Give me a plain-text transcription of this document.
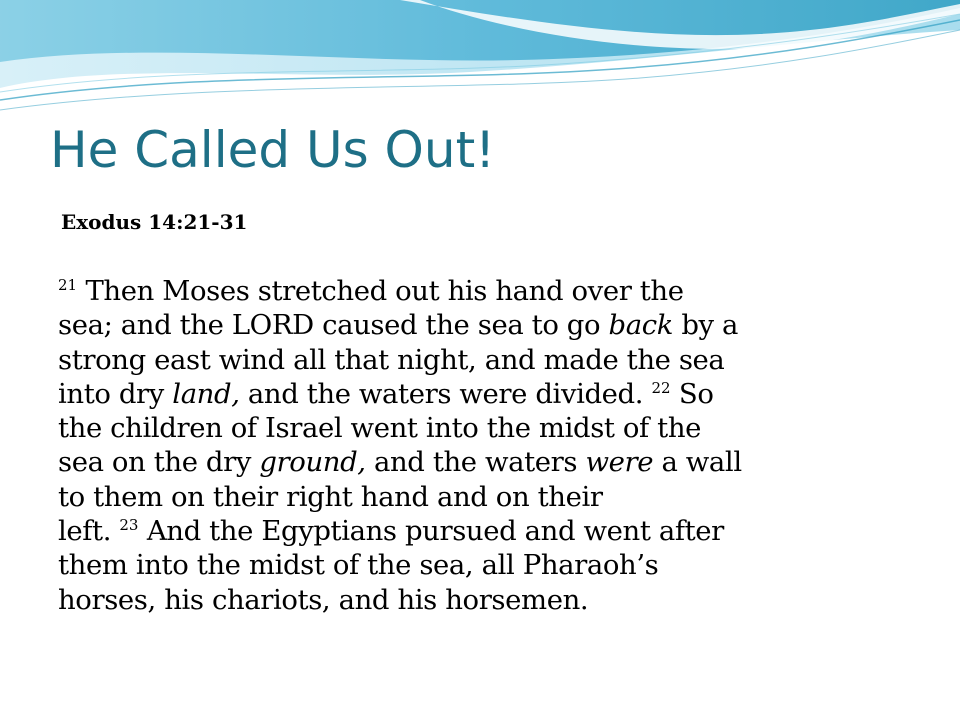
He Called Us Out!
Exodus 14:21-31
$^{21}$ Then Moses stretched out his hand over the
sea; and the LORD caused the sea to go back by a
strong east wind all that night, and made the sea
into dry land, and the waters were divided. $^{22}$ So
the children of Israel went into the midst of the
sea on the dry ground, and the waters were a wall
to them on their right hand and on their
left. $^{23}$ And the Egyptians pursued and went after
them into the midst of the sea, all Pharaoh’s
horses, his chariots, and his horsemen.
